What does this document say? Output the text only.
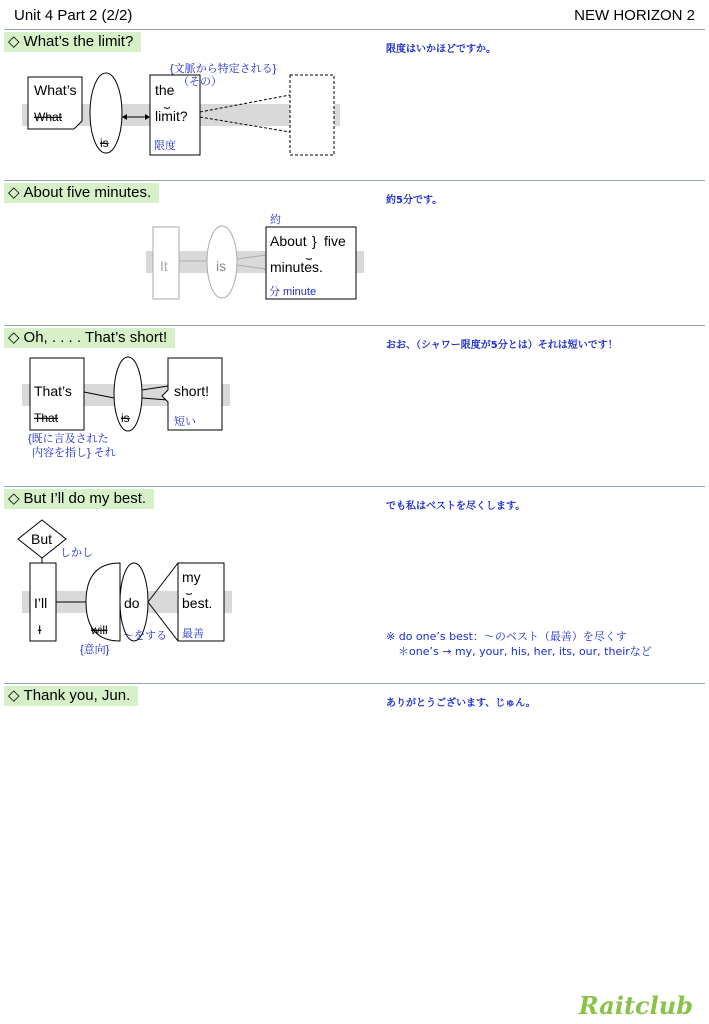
Unit 4 Part 2 (2/2)	NEW HORIZON 2
◇ What’s the limit?	限度はいかほどですか。
What’s
What
is
the
⏟
limit?
限度
{文脈から特定される}
（その）
◇ About five minutes.	約5分です。
It	is
約
About } five
⏟
minutes.
分 minute
◇ Oh, . . . . That’s short!	おお、（シャワー限度が5分とは）それは短いです！
That’s
That	is
short!
短い
{既に言及された
内容を指し} それ
◇ But I’ll do my best.	でも私はベストを尽くします。
But
しかし
I’ll
I	will
do
～をする
my
⏟
best.
最善
{意向}
※ do one’s best：～のベスト（最善）を尽くす
＊one’s → my, your, his, her, its, our, theirなど
◇ Thank you, Jun.	ありがとうございます、じゅん。
Raitclub
